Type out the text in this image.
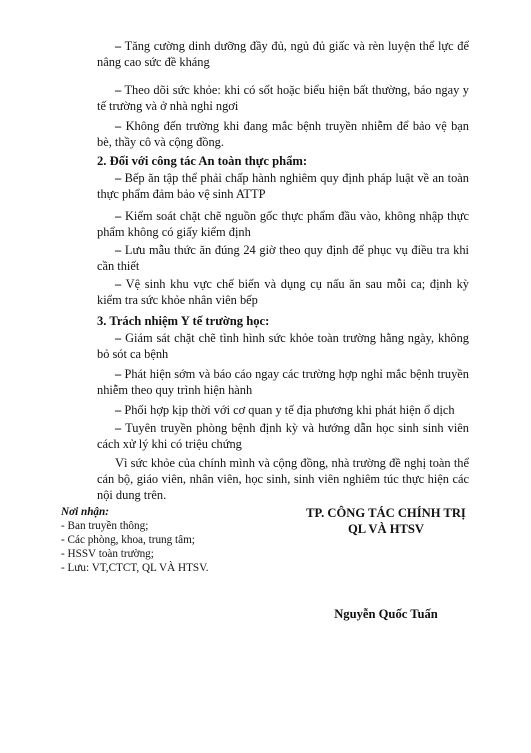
– Tăng cường dinh dưỡng đầy đủ, ngủ đủ giấc và rèn luyện thể lực để nâng cao sức đề kháng

– Theo dõi sức khỏe: khi có sốt hoặc biểu hiện bất thường, báo ngay y tế trường và ở nhà nghỉ ngơi

– Không đến trường khi đang mắc bệnh truyền nhiễm để bảo vệ bạn bè, thầy cô và cộng đồng.

2. Đối với công tác An toàn thực phẩm:

– Bếp ăn tập thể phải chấp hành nghiêm quy định pháp luật về an toàn thực phẩm đảm bảo vệ sinh ATTP

– Kiểm soát chặt chẽ nguồn gốc thực phẩm đầu vào, không nhập thực phẩm không có giấy kiểm định

– Lưu mẫu thức ăn đúng 24 giờ theo quy định để phục vụ điều tra khi cần thiết

– Vệ sinh khu vực chế biến và dụng cụ nấu ăn sau mỗi ca; định kỳ kiểm tra sức khỏe nhân viên bếp

3. Trách nhiệm Y tế trường học:

– Giám sát chặt chẽ tình hình sức khỏe toàn trường hằng ngày, không bỏ sót ca bệnh

– Phát hiện sớm và báo cáo ngay các trường hợp nghỉ mắc bệnh truyền nhiễm theo quy trình hiện hành

– Phối hợp kịp thời với cơ quan y tế địa phương khi phát hiện ổ dịch

– Tuyên truyền phòng bệnh định kỳ và hướng dẫn học sinh sinh viên cách xử lý khi có triệu chứng

Vì sức khỏe của chính mình và cộng đồng, nhà trường đề nghị toàn thể cán bộ, giáo viên, nhân viên, học sinh, sinh viên nghiêm túc thực hiện các nội dung trên.

Nơi nhận:
- Ban truyền thông;
- Các phòng, khoa, trung tâm;
- HSSV toàn trường;
- Lưu: VT,CTCT, QL VÀ HTSV.
TP. CÔNG TÁC CHÍNH TRỊ
QL VÀ HTSV
Nguyễn Quốc Tuấn
